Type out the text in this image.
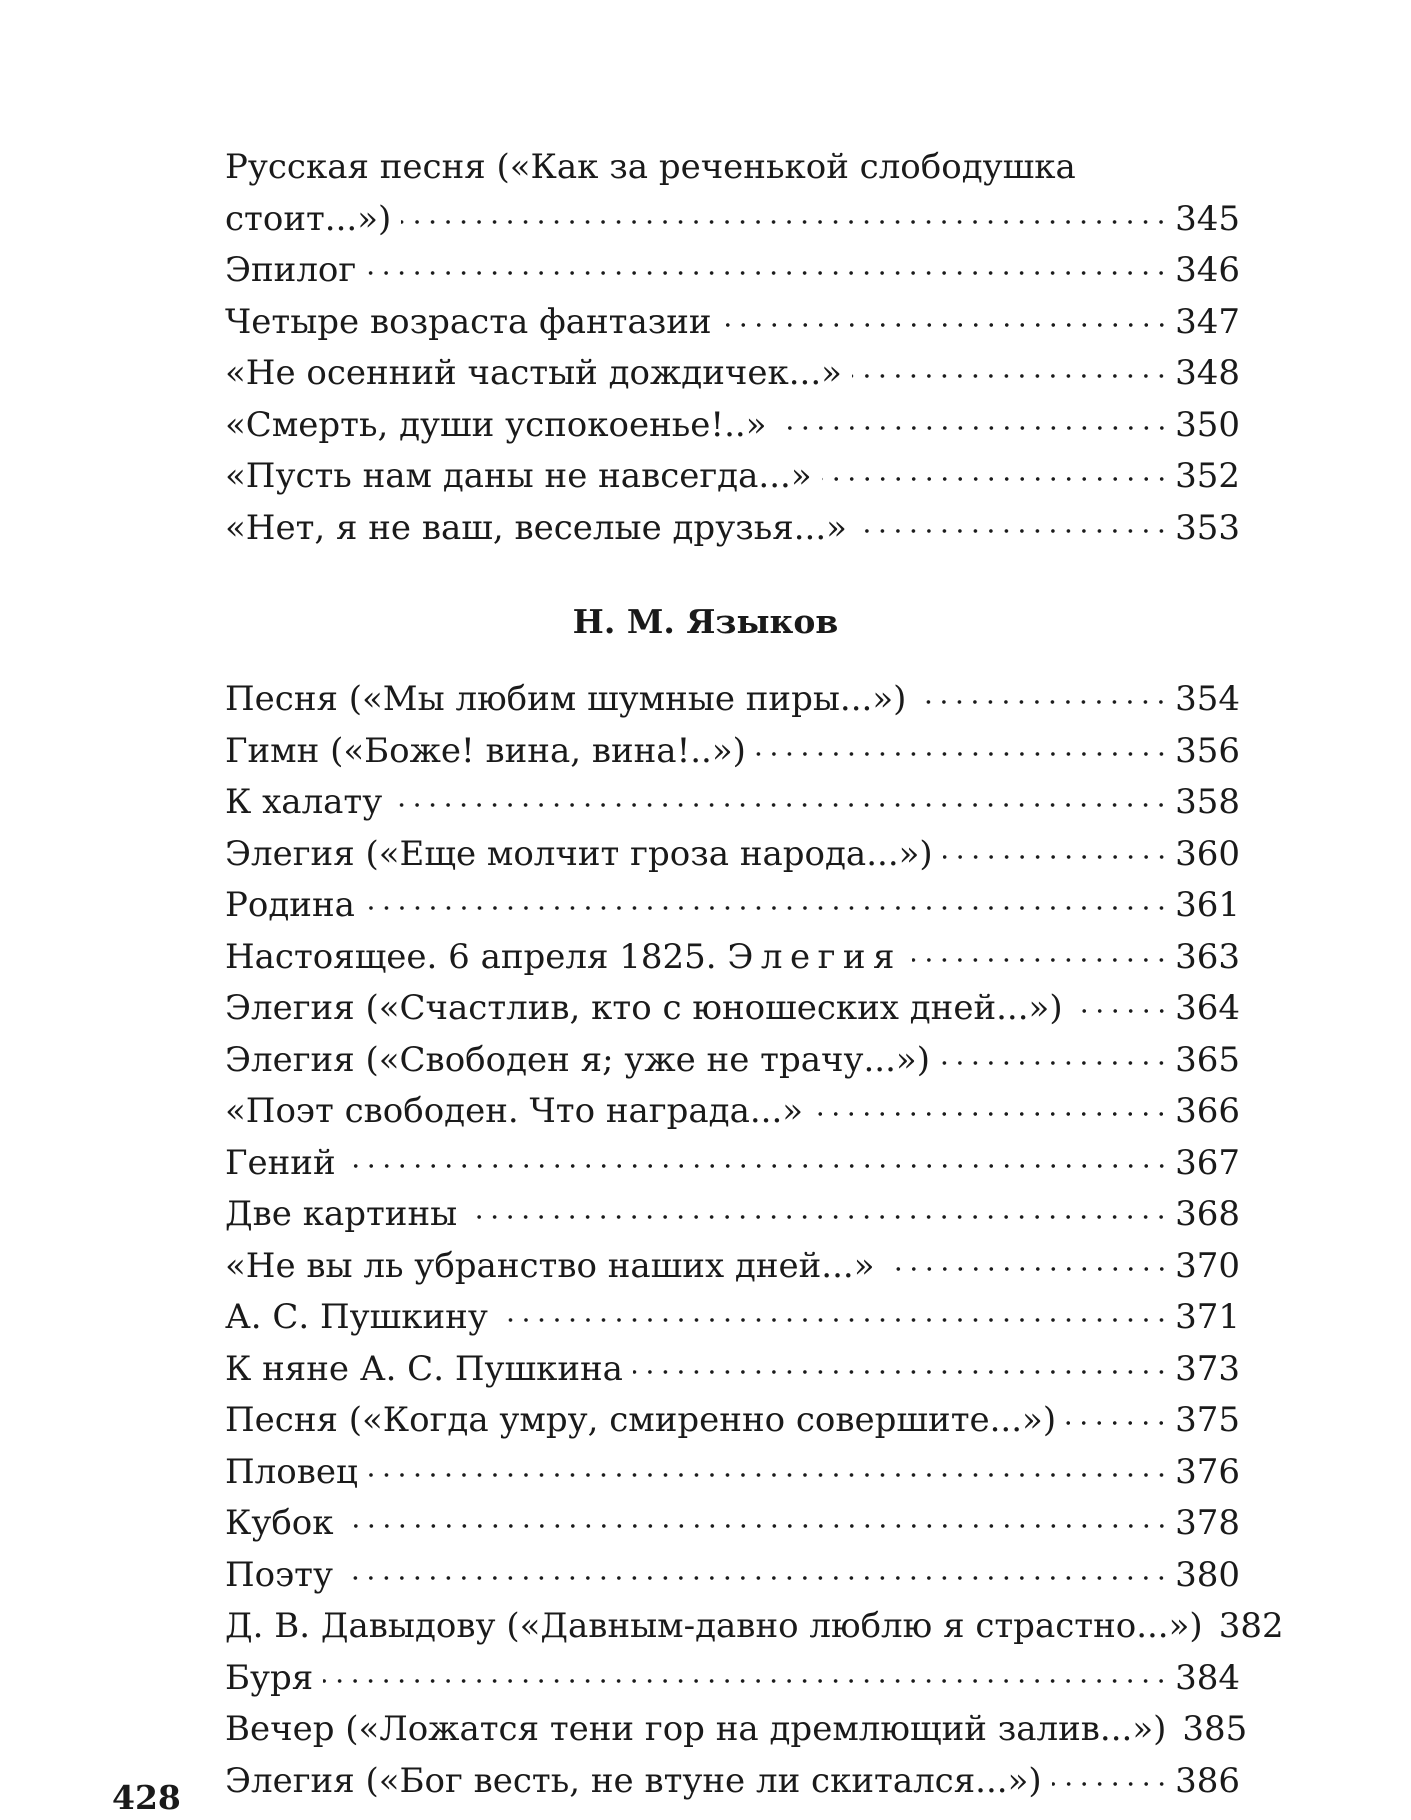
Русская песня («Как за реченькой слободушка
стоит...»)	345
Эпилог	346
Четыре возраста фантазии	347
«Не осенний частый дождичек...»	348
«Смерть, души успокоенье!..»	350
«Пусть нам даны не навсегда...»	352
«Нет, я не ваш, веселые друзья...»	353
Н. М. Языков
Песня («Мы любим шумные пиры...»)	354
Гимн («Боже! вина, вина!..»)	356
К халату	358
Элегия («Еще молчит гроза народа...»)	360
Родина	361
Настоящее. 6 апреля 1825. Элегия	363
Элегия («Счастлив, кто с юношеских дней...»)	364
Элегия («Свободен я; уже не трачу...»)	365
«Поэт свободен. Что награда...»	366
Гений	367
Две картины	368
«Не вы ль убранство наших дней...»	370
А. С. Пушкину	371
К няне А. С. Пушкина	373
Песня («Когда умру, смиренно совершите...»)	375
Пловец	376
Кубок	378
Поэту	380
Д. В. Давыдову («Давным-давно люблю я страстно...») 382
Буря	384
Вечер («Ложатся тени гор на дремлющий залив...») 385
Элегия («Бог весть, не втуне ли скитался...»)	386
428
